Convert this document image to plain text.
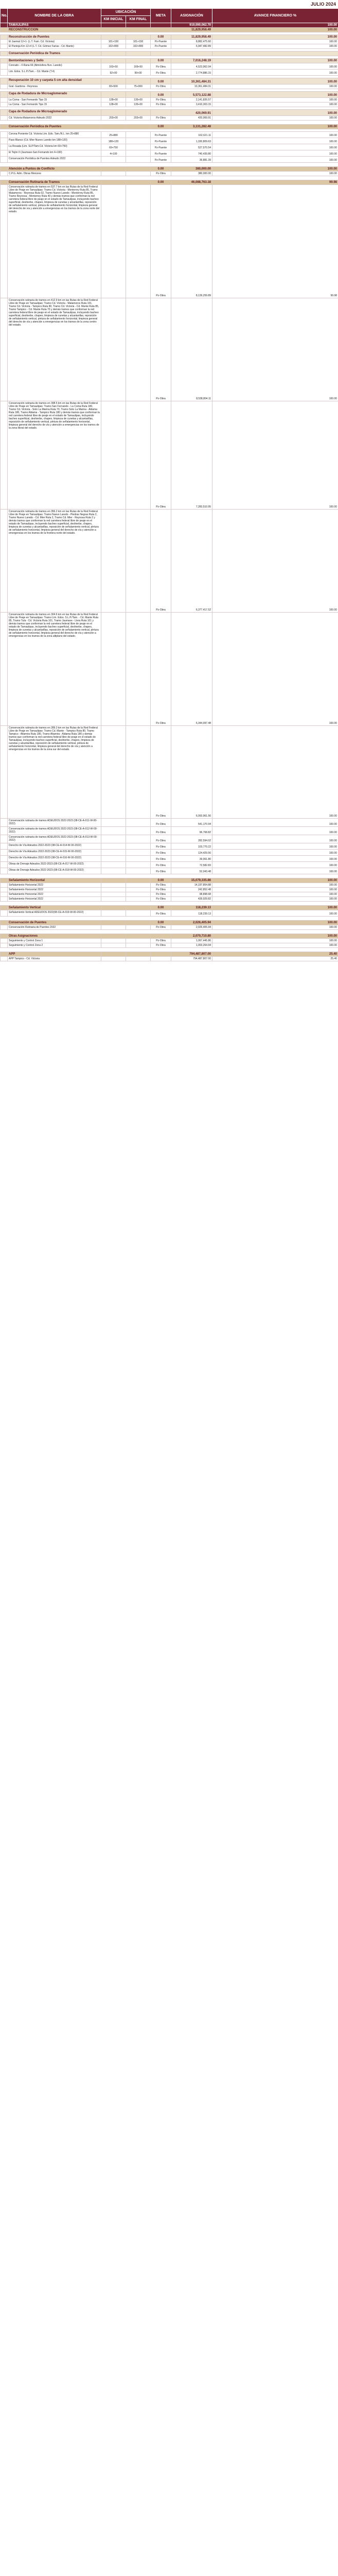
JULIO 2024
No.	NOMBRE DE LA OBRA	UBICACIÓN		META	ASIGNACIÓN	AVANCE FINANCIERO %
		KM INICIAL	KM FINAL			
	TAMAULIPAS				919,090,062.70	100.00
	RECONSTRUCCIÓN				11,829,958.49	100.00

	Reconstrucción de Puentes			0.00	11,829,958.49	100.00
	El Jaemal 12+1- (L.T. Fam. Cd. Victoria)	101+150	101+150	Pz-Puente	8,882,475.60	100.00
	El Pantoja Km 12+4 (L.T. Cd. Gómez Farías - Cd. Mante)	102+800	102+800	Pz-Puente	6,947,482.89	100.00

	Conservación Periódica de Tramos					

	Bentonitaciones y Sello			0.00	7,016,248.19	100.00
	Conrado – F.Rana 66 (Atmósfera Nvo. Laredo)	163+50	169+50	Pz-Obra	4,523,962.04	100.00
	Lim. Edos. S.L.P./Tam. - Cd. Mante (T.4)	92+00	99+00	Pz-Obra	2,774,886.15	100.00

	Recuperación 10 cm y carpeta 5 cm alta densidad			0.00	10,361,484.31	100.00
	Gral. Gardona - Reynosa	83+500	75+000	Pz-Obra	10,361,484.31	100.00

	Capa de Rodadura de Microaglomerado			0.00	5,573,122.88	100.00
	La Coma - San Fernando Tipo 15	128+00	135+00	Pz-Obra	2,141,826.57	100.00
	La Coma - San Fernando Tipo 15	128+00	135+00	Pz-Obra	3,410,303.15	100.00

	Capa de Rodadura de Microaglomerado				420,069.91	100.00
	Cd. Victoria-Matamoros Adeudo 2022	203+00	203+00	Pz-Obra	420,069.91	100.00

	Conservación Periódica de Puentes			0.00	3,131,282.48	100.00

	Corona Poniente Cd. Victoria Lim. Edo. Tam./N.L. km 25+880	25+880		Pz-Puente	162,621.11	100.00
	Paso Blanco (Cd. Mier-Nuevo Laredo km 188+120)	188+120		Pz-Puente	1,330,809.63	100.00
	La Rosada (Lim. SLP/Tam-Cd. Victoria km 69+750)	69+750		Pz-Puente	527,570.54	100.00
	El Tejón II (Jaumave-San Fernando km 4+100)	4+100		Pz-Puente	740,439.80	100.00
	Conservación Periódica de Puentes Adeudo 2022			Pz-Puente	36,881.39	100.00

	Atención a Puntos de Conflicto			0.00	380,000.00	100.00
	C.P.G. Adm. Obras Menores			Pz-Obra	380,000.00	100.00

	Conservación Rutinaria de Tramos			0.00	46,088,763.18	99.98
	Conservación rutinaria de tramos en 537.7 km en las Rutas de la Red Federal Libre de Peaje en Tamaulipas: Tramo Cd. Victoria - Monterrey Ruta 85, Tramo Matamoros - Reynosa Ruta 02, Tramo Nuevo Laredo - Monterrey Ruta 85, Tramo Reynosa - Monterrey Ruta 40 y demás tramos que conforman la red carretera federal libre de peaje en el estado de Tamaulipas, incluyendo bacheo superficial, deshierbe, chapeo, limpieza de cunetas y alcantarillas, reposición de señalamiento vertical, pintura de señalamiento horizontal, limpieza general del derecho de vía y atención a emergencias en los tramos de la zona norte del estado.			Pz-Obra	8,139,259.89	99.98
	Conservación rutinaria de tramos en 412.9 km en las Rutas de la Red Federal Libre de Peaje en Tamaulipas: Tramo Cd. Victoria - Matamoros Ruta 101, Tramo Cd. Victoria - Tampico Ruta 80, Tramo Cd. Victoria - Cd. Mante Ruta 85, Tramo Tampico - Cd. Mante Ruta 70 y demás tramos que conforman la red carretera federal libre de peaje en el estado de Tamaulipas, incluyendo bacheo superficial, deshierbe, chapeo, limpieza de cunetas y alcantarillas, reposición de señalamiento vertical, pintura de señalamiento horizontal, limpieza general del derecho de vía y atención a emergencias en los tramos de la zona centro del estado.			Pz-Obra	8,538,804.11	100.00
	Conservación rutinaria de tramos en 398.5 km en las Rutas de la Red Federal Libre de Peaje en Tamaulipas: Tramo San Fernando - La Coma Ruta 180, Tramo Cd. Victoria - Soto La Marina Ruta 70, Tramo Soto La Marina - Aldama Ruta 180, Tramo Aldama - Tampico Ruta 180 y demás tramos que conforman la red carretera federal libre de peaje en el estado de Tamaulipas, incluyendo bacheo superficial, deshierbe, chapeo, limpieza de cunetas y alcantarillas, reposición de señalamiento vertical, pintura de señalamiento horizontal, limpieza general del derecho de vía y atención a emergencias en los tramos de la zona litoral del estado.			Pz-Obra	7,283,510.95	100.00
	Conservación rutinaria de tramos en 356.2 km en las Rutas de la Red Federal Libre de Peaje en Tamaulipas: Tramo Nuevo Laredo - Piedras Negras Ruta 2, Tramo Nuevo Laredo - Cd. Mier Ruta 2, Tramo Cd. Mier - Reynosa Ruta 2 y demás tramos que conforman la red carretera federal libre de peaje en el estado de Tamaulipas, incluyendo bacheo superficial, deshierbe, chapeo, limpieza de cunetas y alcantarillas, reposición de señalamiento vertical, pintura de señalamiento horizontal, limpieza general del derecho de vía y atención a emergencias en los tramos de la frontera norte del estado.			Pz-Obra	6,377,417.52	100.00
	Conservación rutinaria de tramos en 304.6 km en las Rutas de la Red Federal Libre de Peaje en Tamaulipas: Tramo Lím. Edos. S.L.P./Tam. - Cd. Mante Ruta 85, Tramo Tula - Cd. Victoria Ruta 101, Tramo Jaumave - Llera Ruta 101 y demás tramos que conforman la red carretera federal libre de peaje en el estado de Tamaulipas, incluyendo bacheo superficial, deshierbe, chapeo, limpieza de cunetas y alcantarillas, reposición de señalamiento vertical, pintura de señalamiento horizontal, limpieza general del derecho de vía y atención a emergencias en los tramos de la zona altiplano del estado.			Pz-Obra	6,344,097.48	100.00
	Conservación rutinaria de tramos en 289.3 km en las Rutas de la Red Federal Libre de Peaje en Tamaulipas: Tramo Cd. Mante - Tampico Ruta 80, Tramo Tampico - Altamira Ruta 180, Tramo Altamira - Aldama Ruta 180 y demás tramos que conforman la red carretera federal libre de peaje en el estado de Tamaulipas, incluyendo bacheo superficial, deshierbe, chapeo, limpieza de cunetas y alcantarillas, reposición de señalamiento vertical, pintura de señalamiento horizontal, limpieza general del derecho de vía y atención a emergencias en los tramos de la zona sur del estado.			Pz-Obra	6,093,961.56	100.00
	Conservación rutinaria de tramos ADEUDOS 2022-2023 (08-CE-A-011-W-00-2022)			Pz-Obra	541,170.94	100.00
	Conservación rutinaria de tramos ADEUDOS 2022-2023 (08-CE-A-012-W-00-2022)			Pz-Obra	96,768.82	100.00
	Conservación rutinaria de tramos ADEUDOS 2022-2023 (08-CE-A-013-W-00-2022)			Pz-Obra	282,594.02	100.00
	Derecho de Vía Adeudos 2022-2023 (08-CE-A-014-W-00-2022)			Pz-Obra	103,770.22	100.00
	Derecho de Vía Adeudos 2022-2023 (08-CE-A-015-W-00-2022)			Pz-Obra	124,429.56	100.00
	Derecho de Vía Adeudos 2022-2023 (08-CE-A-016-W-00-2022)			Pz-Obra	39,061.80	100.00
	Obras de Drenaje Adeudos 2022-2023 (08-CE-A-017-W-00-2022)			Pz-Obra	72,582.83	100.00
	Obras de Drenaje Adeudos 2022-2023 (08-CE-A-018-W-00-2022)			Pz-Obra	52,043.48	100.00

	Señalamiento Horizontal			0.00	15,079,335.86	100.00
	Señalamiento Horizontal 2022			Pz-Obra	14,197,854.88	100.00
	Señalamiento Horizontal 2022			Pz-Obra	242,852.48	100.00
	Señalamiento Horizontal 2022			Pz-Obra	98,898.68	100.00
	Señalamiento Horizontal 2022			Pz-Obra	439,929.82	100.00

	Señalamiento Vertical			0.00	118,239.13	100.00
	Señalamiento Vertical ADEUDOS 2022(08-CE-A-019-W-00-2022)			Pz-Obra	118,239.13	100.00

	Conservación de Puentes			0.00	2,026,405.94	100.00
	Conservación Rutinaria de Puentes 2022			Pz-Obra	2,026,405.94	100.00

	Otras Asignaciones				2,070,710.80	100.00
	Seguimiento y Control Zona 1			Pz-Obra	1,067,445.86	100.00
	Seguimiento y Control Zona 2			Pz-Obra	1,003,264.94	100.00

	APP				794,487,807.00	25.40
	APP Tampico - Cd. Victoria				794,487,807.00	25.40
